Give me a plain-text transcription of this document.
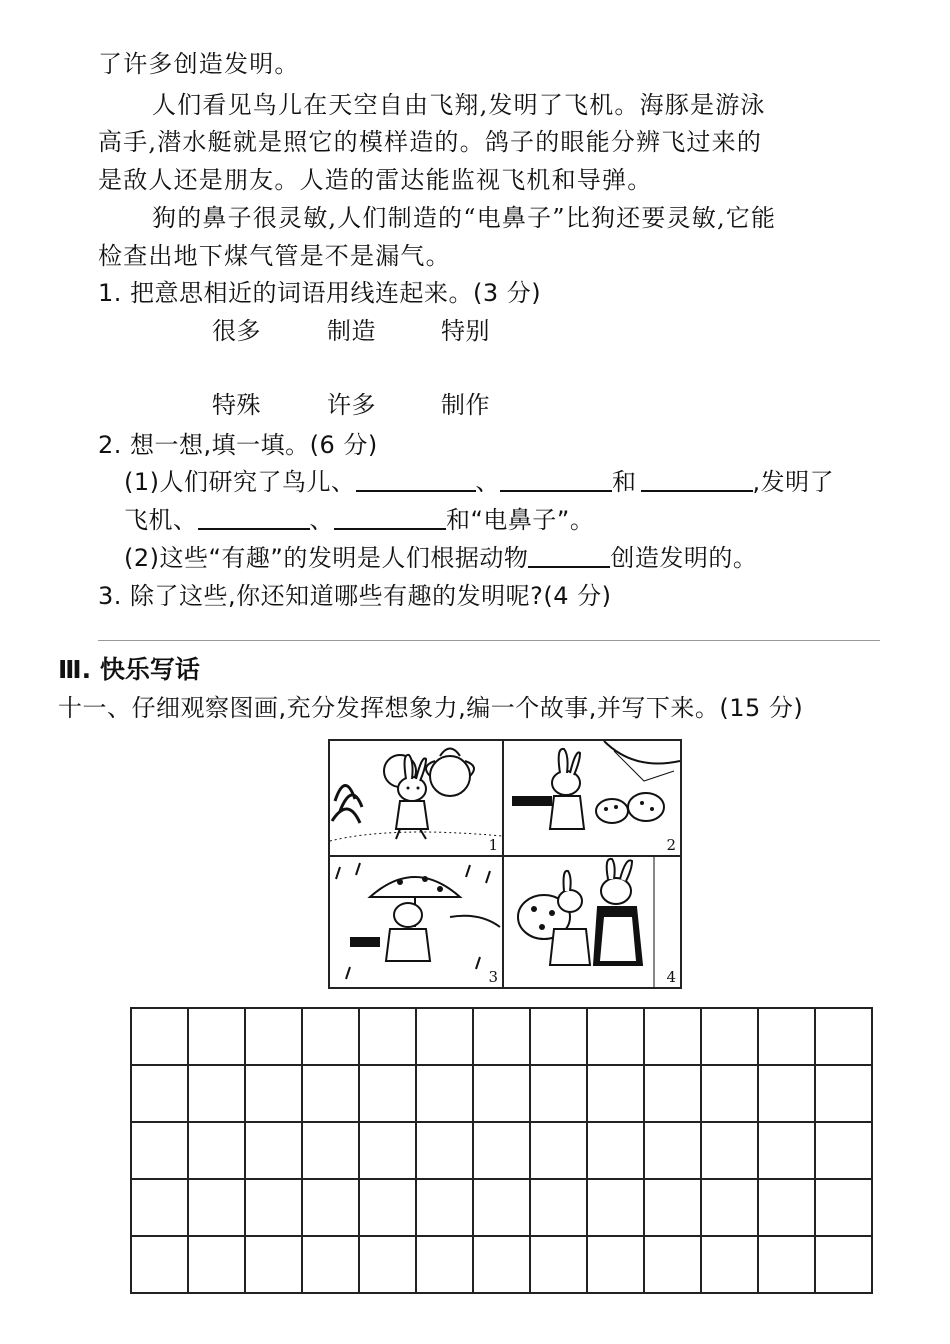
了许多创造发明。
人们看见鸟儿在天空自由飞翔,发明了飞机。海豚是游泳
高手,潜水艇就是照它的模样造的。鸽子的眼能分辨飞过来的
是敌人还是朋友。人造的雷达能监视飞机和导弹。
狗的鼻子很灵敏,人们制造的“电鼻子”比狗还要灵敏,它能
检查出地下煤气管是不是漏气。
1. 把意思相近的词语用线连起来。(3 分)
很多	制造	特别
特殊	许多	制作
2. 想一想,填一填。(6 分)
(1)人们研究了鸟儿、	、	和	,发明了
飞机、	、	和“电鼻子”。
(2)这些“有趣”的发明是人们根据动物	创造发明的。
3. 除了这些,你还知道哪些有趣的发明呢?(4 分)
Ⅲ. 快乐写话
十一、仔细观察图画,充分发挥想象力,编一个故事,并写下来。(15 分)
1	2
3	4
